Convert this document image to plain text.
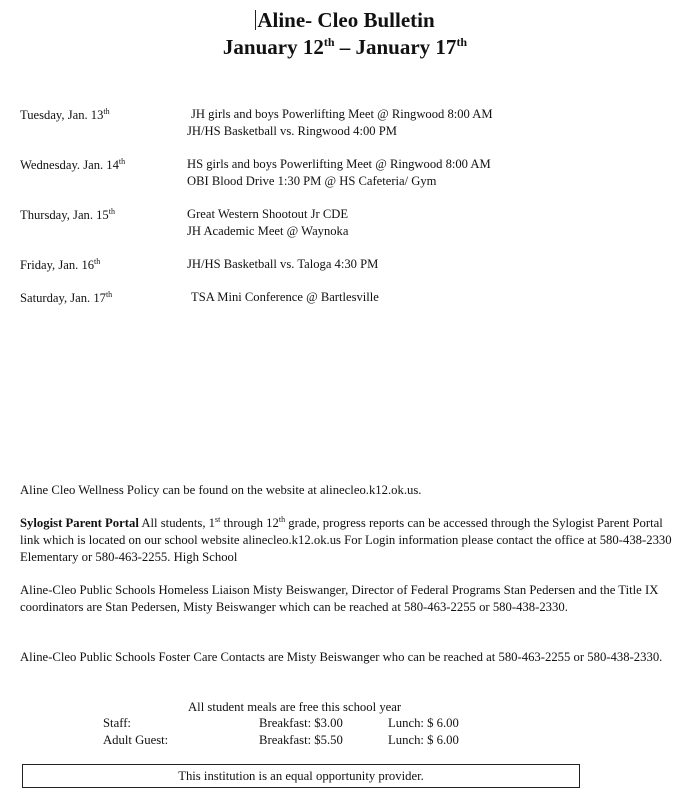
Aline- Cleo Bulletin
January 12th – January 17th
Tuesday, Jan. 13th	JH girls and boys Powerlifting Meet @ Ringwood 8:00 AM
JH/HS Basketball vs. Ringwood 4:00 PM
Wednesday. Jan. 14th	HS girls and boys Powerlifting Meet @ Ringwood 8:00 AM
OBI Blood Drive 1:30 PM @ HS Cafeteria/ Gym
Thursday, Jan. 15th	Great Western Shootout Jr CDE
JH Academic Meet @ Waynoka
Friday, Jan. 16th	JH/HS Basketball vs. Taloga 4:30 PM
Saturday, Jan. 17th	TSA Mini Conference @ Bartlesville
Aline Cleo Wellness Policy can be found on the website at alinecleo.k12.ok.us.
Sylogist Parent Portal All students, 1st through 12th grade, progress reports can be accessed through the Sylogist Parent Portal link which is located on our school website alinecleo.k12.ok.us For Login information please contact the office at 580-438-2330 Elementary or 580-463-2255. High School
Aline-Cleo Public Schools Homeless Liaison Misty Beiswanger, Director of Federal Programs Stan Pedersen and the Title IX coordinators are Stan Pedersen, Misty Beiswanger which can be reached at 580-463-2255 or 580-438-2330.
Aline-Cleo Public Schools Foster Care Contacts are Misty Beiswanger who can be reached at 580-463-2255 or 580-438-2330.
All student meals are free this school year
Staff:	Breakfast: $3.00	Lunch: $ 6.00
Adult Guest:	Breakfast: $5.50	Lunch: $ 6.00
This institution is an equal opportunity provider.
